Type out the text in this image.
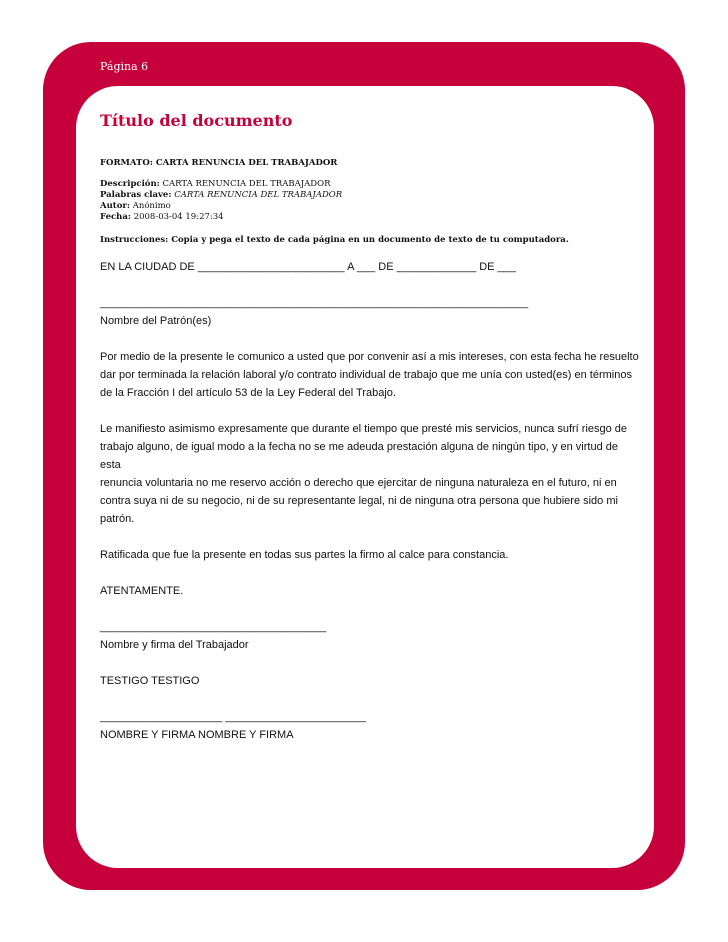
Página 6
Título del documento
FORMATO: CARTA RENUNCIA DEL TRABAJADOR
Descripción: CARTA RENUNCIA DEL TRABAJADOR
Palabras clave: CARTA RENUNCIA DEL TRABAJADOR
Autor: Anónimo
Fecha: 2008-03-04 19:27:34
Instrucciones: Copia y pega el texto de cada página en un documento de texto de tu computadora.

EN LA CIUDAD DE ________________________ A ___ DE _____________ DE ___

______________________________________________________________________
Nombre del Patrón(es)

Por medio de la presente le comunico a usted que por convenir así a mis intereses, con esta fecha he resuelto
dar por terminada la relación laboral y/o contrato individual de trabajo que me unía con usted(es) en términos
de la Fracción I del artículo 53 de la Ley Federal del Trabajo.

Le manifiesto asimismo expresamente que durante el tiempo que presté mis servicios, nunca sufrí riesgo de
trabajo alguno, de igual modo a la fecha no se me adeuda prestación alguna de ningún tipo, y en virtud de esta
renuncia voluntaria no me reservo acción o derecho que ejercitar de ninguna naturaleza en el futuro, ni en
contra suya ni de su negocio, ni de su representante legal, ni de ninguna otra persona que hubiere sido mi
patrón.

Ratificada que fue la presente en todas sus partes la firmo al calce para constancia.

ATENTAMENTE.

_____________________________________
Nombre y firma del Trabajador

TESTIGO TESTIGO

____________________ _______________________
NOMBRE Y FIRMA NOMBRE Y FIRMA
